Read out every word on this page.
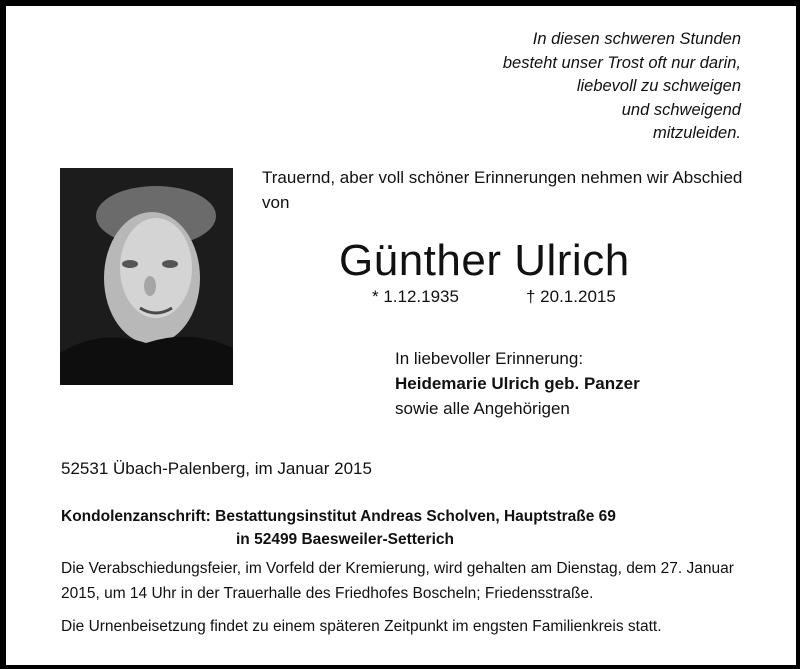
In diesen schweren Stunden
besteht unser Trost oft nur darin,
liebevoll zu schweigen
und schweigend
mitzuleiden.
Trauernd, aber voll schöner Erinnerungen nehmen wir Abschied von
Günther Ulrich
* 1.12.1935	† 20.1.2015
In liebevoller Erinnerung:
Heidemarie Ulrich geb. Panzer
sowie alle Angehörigen
52531 Übach-Palenberg, im Januar 2015
Kondolenzanschrift: Bestattungsinstitut Andreas Scholven, Hauptstraße 69
in 52499 Baesweiler-Setterich
Die Verabschiedungsfeier, im Vorfeld der Kremierung, wird gehalten am Dienstag, dem 27. Januar 2015, um 14 Uhr in der Trauerhalle des Friedhofes Boscheln; Friedensstraße.
Die Urnenbeisetzung findet zu einem späteren Zeitpunkt im engsten Familienkreis statt.
